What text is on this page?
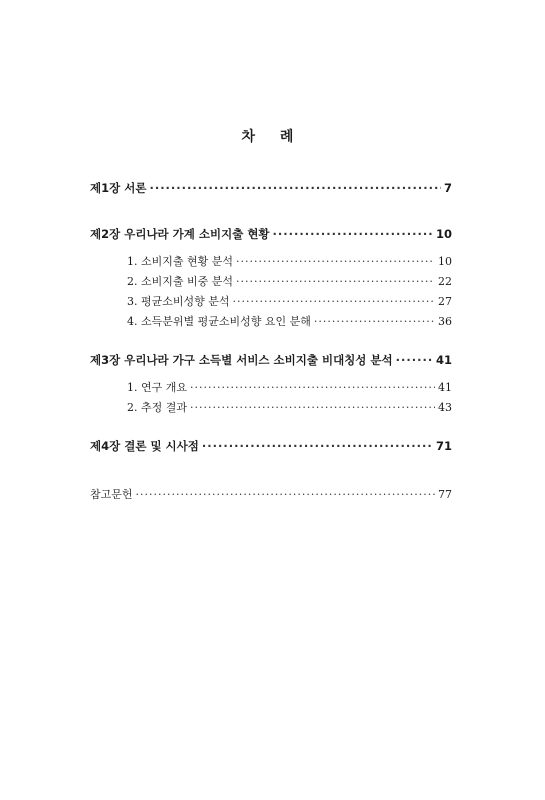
차 례
제1장 서론 ·····	7
제2장 우리나라 가계 소비지출 현황 ·····	10
1. 소비지출 현황 분석 ·····	10
2. 소비지출 비중 분석 ·····	22
3. 평균소비성향 분석 ·····	27
4. 소득분위별 평균소비성향 요인 분해 ·····	36
제3장 우리나라 가구 소득별 서비스 소비지출 비대칭성 분석 ·····	41
1. 연구 개요 ·····	41
2. 추정 결과 ·····	43
제4장 결론 및 시사점 ·····	71
참고문헌 ·····	77
